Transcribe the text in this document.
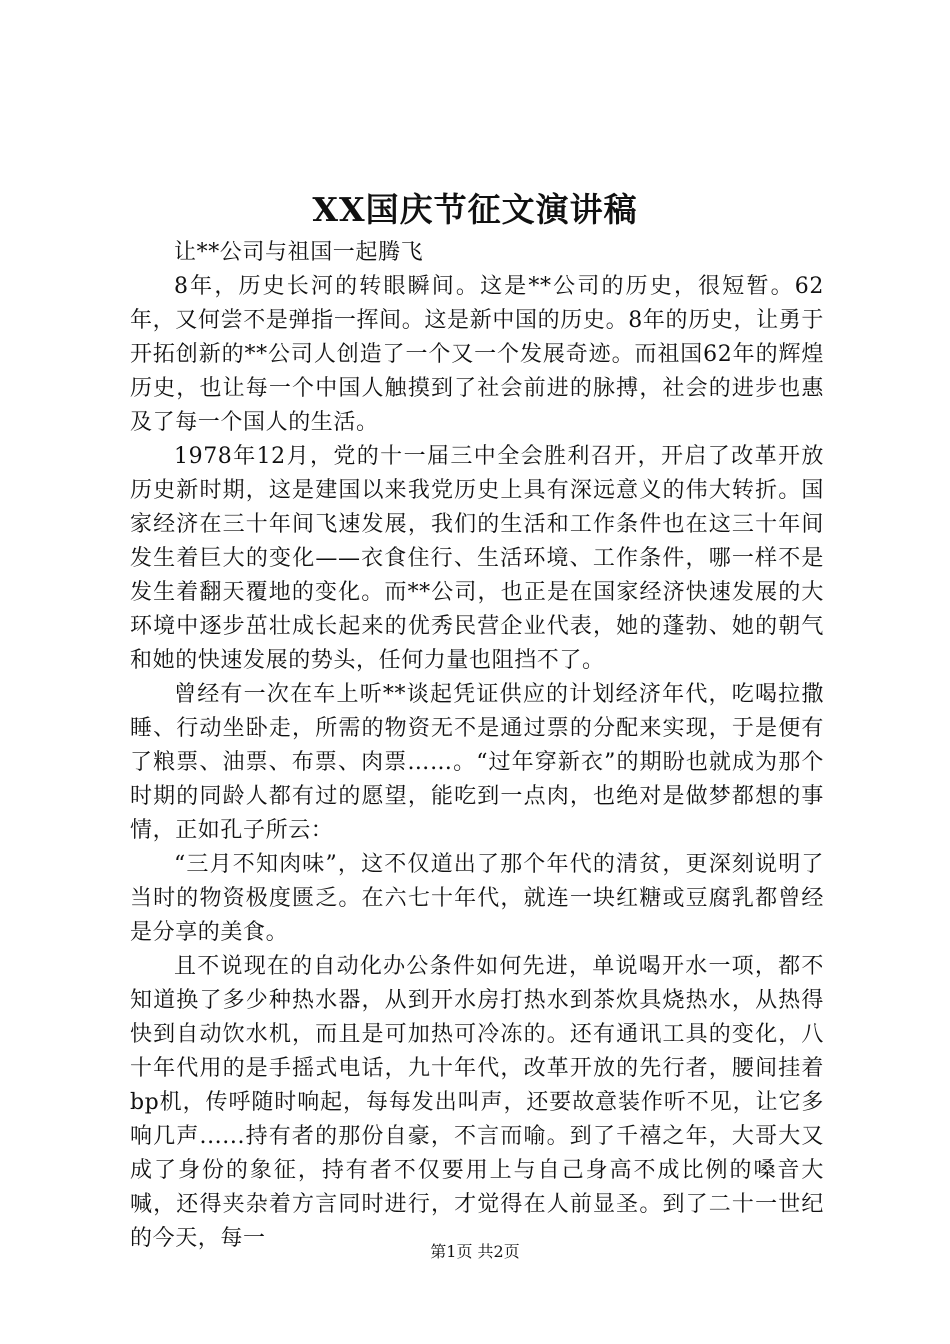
XX国庆节征文演讲稿

让**公司与祖国一起腾飞

8年，历史长河的转眼瞬间。这是**公司的历史，很短暂。62年，又何尝不是弹指一挥间。这是新中国的历史。8年的历史，让勇于开拓创新的**公司人创造了一个又一个发展奇迹。而祖国62年的辉煌历史，也让每一个中国人触摸到了社会前进的脉搏，社会的进步也惠及了每一个国人的生活。

1978年12月，党的十一届三中全会胜利召开，开启了改革开放历史新时期，这是建国以来我党历史上具有深远意义的伟大转折。国家经济在三十年间飞速发展，我们的生活和工作条件也在这三十年间发生着巨大的变化——衣食住行、生活环境、工作条件，哪一样不是发生着翻天覆地的变化。而**公司，也正是在国家经济快速发展的大环境中逐步茁壮成长起来的优秀民营企业代表，她的蓬勃、她的朝气和她的快速发展的势头，任何力量也阻挡不了。

曾经有一次在车上听**谈起凭证供应的计划经济年代，吃喝拉撒睡、行动坐卧走，所需的物资无不是通过票的分配来实现，于是便有了粮票、油票、布票、肉票……。“过年穿新衣”的期盼也就成为那个时期的同龄人都有过的愿望，能吃到一点肉，也绝对是做梦都想的事情，正如孔子所云：

“三月不知肉味”，这不仅道出了那个年代的清贫，更深刻说明了当时的物资极度匮乏。在六七十年代，就连一块红糖或豆腐乳都曾经是分享的美食。

且不说现在的自动化办公条件如何先进，单说喝开水一项，都不知道换了多少种热水器，从到开水房打热水到茶炊具烧热水，从热得快到自动饮水机，而且是可加热可冷冻的。还有通讯工具的变化，八十年代用的是手摇式电话，九十年代，改革开放的先行者，腰间挂着bp机，传呼随时响起，每每发出叫声，还要故意装作听不见，让它多响几声......持有者的那份自豪，不言而喻。到了千禧之年，大哥大又成了身份的象征，持有者不仅要用上与自己身高不成比例的嗓音大喊，还得夹杂着方言同时进行，才觉得在人前显圣。到了二十一世纪的今天，每一

第1页 共2页
